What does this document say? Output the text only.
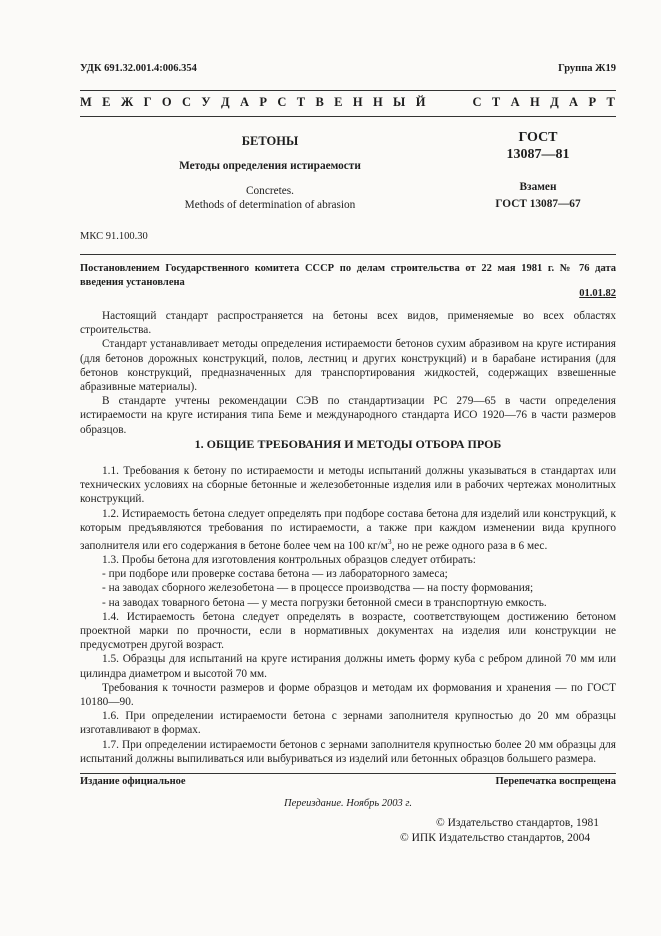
УДК 691.32.001.4:006.354	Группа Ж19
М Е Ж Г О С У Д А Р С Т В Е Н Н Ы Й     С Т А Н Д А Р Т
БЕТОНЫ
Методы определения истираемости
Concretes.
Methods of determination of abrasion
ГОСТ
13087—81
Взамен
ГОСТ 13087—67
МКС 91.100.30
Постановлением Государственного комитета СССР по делам строительства от 22 мая 1981 г. № 76 дата введения установлена
01.01.82

Настоящий стандарт распространяется на бетоны всех видов, применяемые во всех областях строительства.

Стандарт устанавливает методы определения истираемости бетонов сухим абразивом на круге истирания (для бетонов дорожных конструкций, полов, лестниц и других конструкций) и в барабане истирания (для бетонов конструкций, предназначенных для транспортирования жидкостей, содержащих взвешенные абразивные материалы).

В стандарте учтены рекомендации СЭВ по стандартизации РС 279—65 в части определения истираемости на круге истирания типа Беме и международного стандарта ИСО 1920—76 в части размеров образцов.

1. ОБЩИЕ ТРЕБОВАНИЯ И МЕТОДЫ ОТБОРА ПРОБ

1.1. Требования к бетону по истираемости и методы испытаний должны указываться в стандартах или технических условиях на сборные бетонные и железобетонные изделия или в рабочих чертежах монолитных конструкций.

1.2. Истираемость бетона следует определять при подборе состава бетона для изделий или конструкций, к которым предъявляются требования по истираемости, а также при каждом изменении вида крупного заполнителя или его содержания в бетоне более чем на 100 $кг/м^3$, но не реже одного раза в 6 мес.

1.3. Пробы бетона для изготовления контрольных образцов следует отбирать:

- при подборе или проверке состава бетона — из лабораторного замеса;

- на заводах сборного железобетона — в процессе производства — на посту формования;

- на заводах товарного бетона — у места погрузки бетонной смеси в транспортную емкость.

1.4. Истираемость бетона следует определять в возрасте, соответствующем достижению бетоном проектной марки по прочности, если в нормативных документах на изделия или конструкции не предусмотрен другой возраст.

1.5. Образцы для испытаний на круге истирания должны иметь форму куба с ребром длиной 70 мм или цилиндра диаметром и высотой 70 мм.

Требования к точности размеров и форме образцов и методам их формования и хранения — по ГОСТ 10180—90.

1.6. При определении истираемости бетона с зернами заполнителя крупностью до 20 мм образцы изготавливают в формах.

1.7. При определении истираемости бетонов с зернами заполнителя крупностью более 20 мм образцы для испытаний должны выпиливаться или выбуриваться из изделий или бетонных образцов большего размера.

Издание официальное	Перепечатка воспрещена
Переиздание. Ноябрь 2003 г.
© Издательство стандартов, 1981
© ИПК Издательство стандартов, 2004
